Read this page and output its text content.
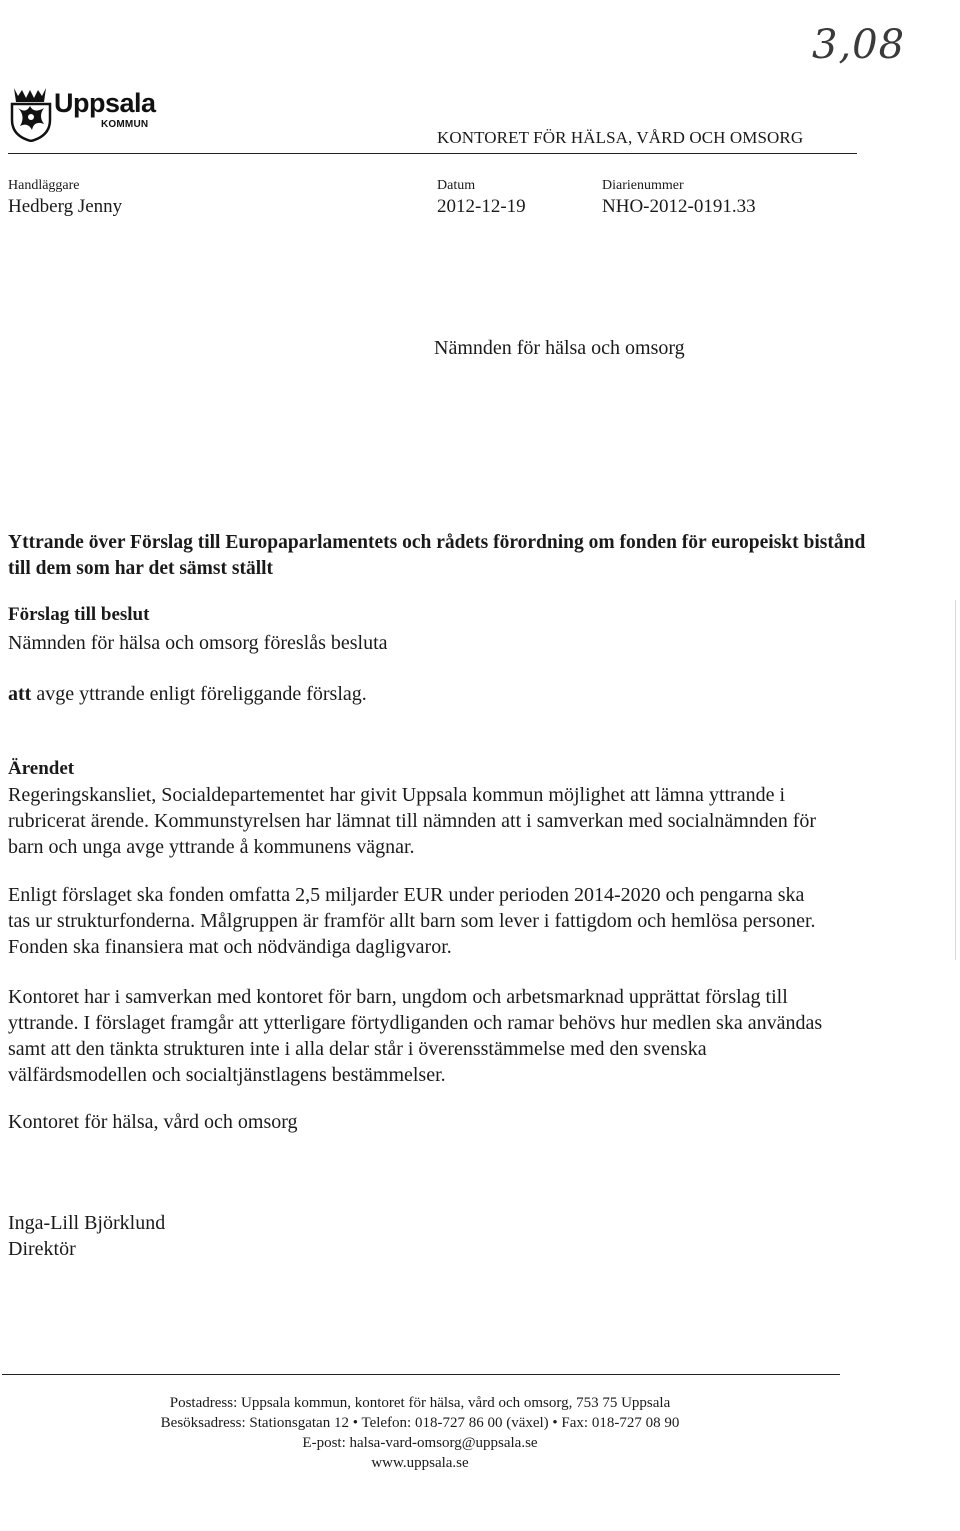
3,08
Uppsala
KOMMUN
KONTORET FÖR HÄLSA, VÅRD OCH OMSORG
Handläggare
Hedberg Jenny
Datum
2012-12-19
Diarienummer
NHO-2012-0191.33
Nämnden för hälsa och omsorg
Yttrande över Förslag till Europaparlamentets och rådets förordning om fonden för europeiskt bistånd till dem som har det sämst ställt
Förslag till beslut
Nämnden för hälsa och omsorg föreslås besluta
att avge yttrande enligt föreliggande förslag.
Ärendet
Regeringskansliet, Socialdepartementet har givit Uppsala kommun möjlighet att lämna yttrande i rubricerat ärende. Kommunstyrelsen har lämnat till nämnden att i samverkan med socialnämnden för barn och unga avge yttrande å kommunens vägnar.
Enligt förslaget ska fonden omfatta 2,5 miljarder EUR under perioden 2014-2020 och pengarna ska tas ur strukturfonderna. Målgruppen är framför allt barn som lever i fattigdom och hemlösa personer. Fonden ska finansiera mat och nödvändiga dagligvaror.
Kontoret har i samverkan med kontoret för barn, ungdom och arbetsmarknad upprättat förslag till yttrande. I förslaget framgår att ytterligare förtydliganden och ramar behövs hur medlen ska användas samt att den tänkta strukturen inte i alla delar står i överensstämmelse med den svenska välfärdsmodellen och socialtjänstlagens bestämmelser.
Kontoret för hälsa, vård och omsorg
Inga-Lill Björklund
Direktör
Postadress: Uppsala kommun, kontoret för hälsa, vård och omsorg, 753 75 Uppsala
Besöksadress: Stationsgatan 12 • Telefon: 018-727 86 00 (växel) • Fax: 018-727 08 90
E-post: halsa-vard-omsorg@uppsala.se
www.uppsala.se
